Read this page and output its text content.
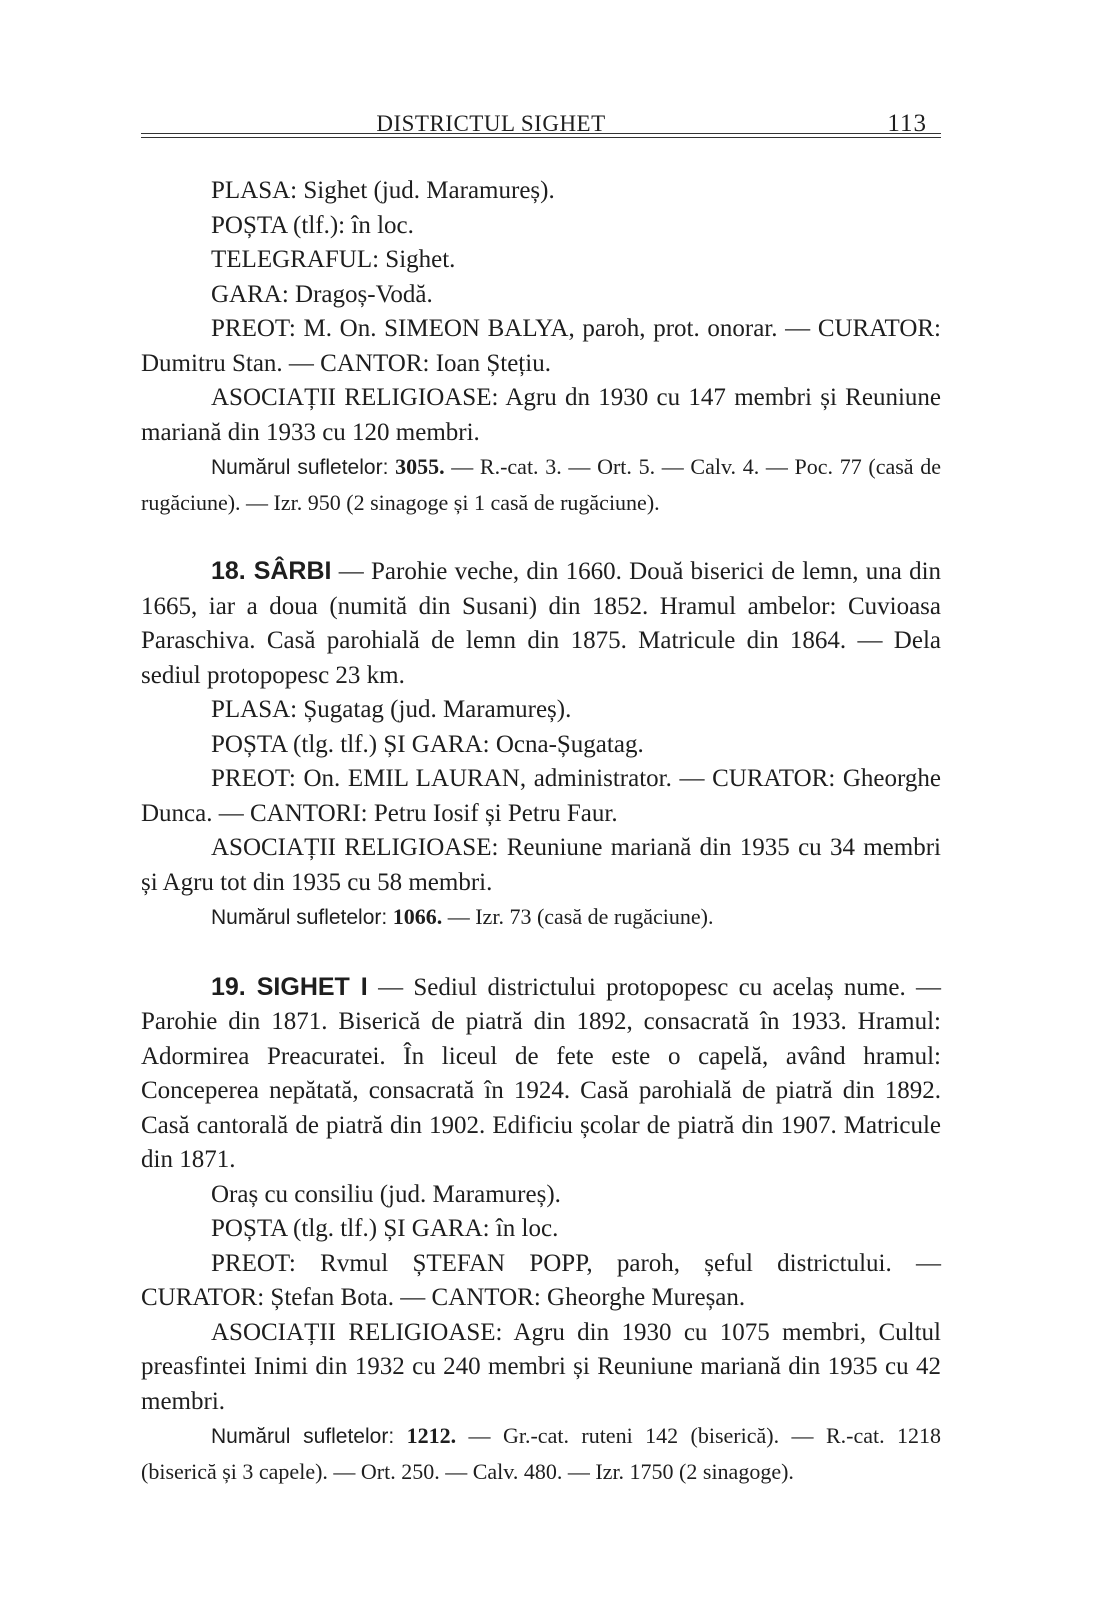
DISTRICTUL SIGHET	113

PLASA: Sighet (jud. Maramureș).

POȘTA (tlf.): în loc.

TELEGRAFUL: Sighet.

GARA: Dragoș-Vodă.

PREOT: M. On. SIMEON BALYA, paroh, prot. onorar. — CURATOR: Dumitru Stan. — CANTOR: Ioan Ștețiu.

ASOCIAȚII RELIGIOASE: Agru dn 1930 cu 147 membri și Reuniune mariană din 1933 cu 120 membri.

Numărul sufletelor: 3055. — R.-cat. 3. — Ort. 5. — Calv. 4. — Poc. 77 (casă de rugăciune). — Izr. 950 (2 sinagoge și 1 casă de rugăciune).

18. SÂRBI — Parohie veche, din 1660. Două biserici de lemn, una din 1665, iar a doua (numită din Susani) din 1852. Hramul ambelor: Cuvioasa Paraschiva. Casă parohială de lemn din 1875. Matricule din 1864. — Dela sediul protopopesc 23 km.

PLASA: Șugatag (jud. Maramureș).

POȘTA (tlg. tlf.) ȘI GARA: Ocna-Șugatag.

PREOT: On. EMIL LAURAN, administrator. — CURATOR: Gheorghe Dunca. — CANTORI: Petru Iosif și Petru Faur.

ASOCIAȚII RELIGIOASE: Reuniune mariană din 1935 cu 34 membri și Agru tot din 1935 cu 58 membri.

Numărul sufletelor: 1066. — Izr. 73 (casă de rugăciune).

19. SIGHET I — Sediul districtului protopopesc cu acelaș nume. — Parohie din 1871. Biserică de piatră din 1892, consacrată în 1933. Hramul: Adormirea Preacuratei. În liceul de fete este o capelă, având hramul: Conceperea nepătată, consacrată în 1924. Casă parohială de piatră din 1892. Casă cantorală de piatră din 1902. Edificiu școlar de piatră din 1907. Matricule din 1871.

Oraș cu consiliu (jud. Maramureș).

POȘTA (tlg. tlf.) ȘI GARA: în loc.

PREOT: Rvmul ȘTEFAN POPP, paroh, șeful districtului. — CURATOR: Ștefan Bota. — CANTOR: Gheorghe Mureșan.

ASOCIAȚII RELIGIOASE: Agru din 1930 cu 1075 membri, Cultul preasfintei Inimi din 1932 cu 240 membri și Reuniune mariană din 1935 cu 42 membri.

Numărul sufletelor: 1212. — Gr.-cat. ruteni 142 (biserică). — R.-cat. 1218 (biserică și 3 capele). — Ort. 250. — Calv. 480. — Izr. 1750 (2 sinagoge).
